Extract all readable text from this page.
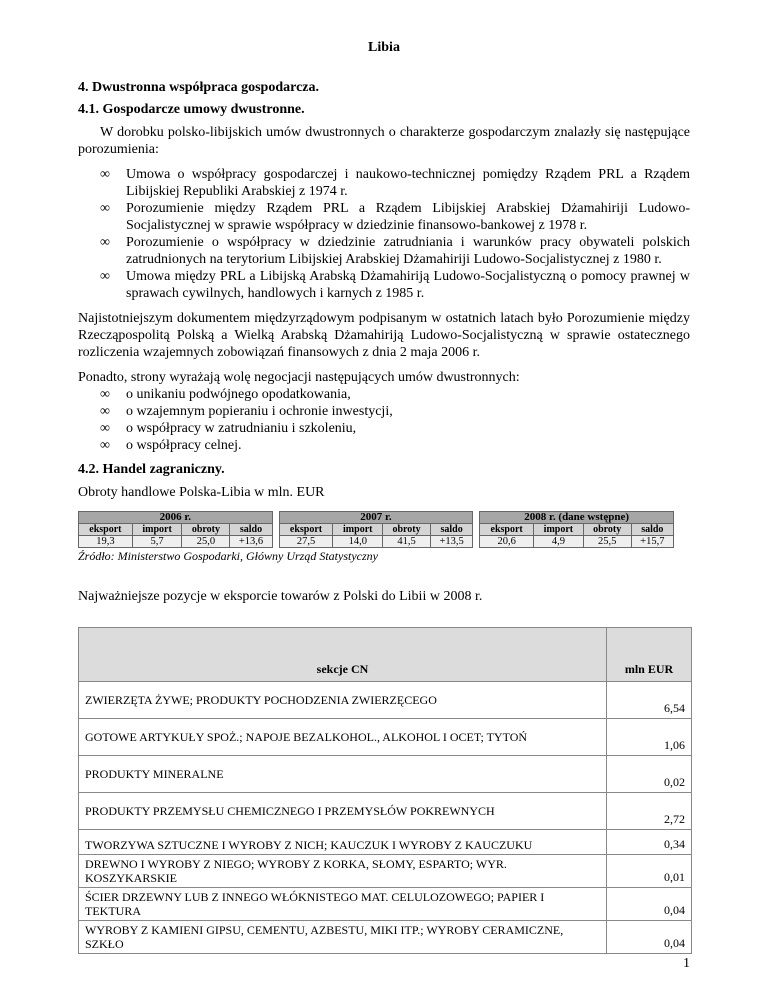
Libia
4. Dwustronna współpraca gospodarcza.
4.1. Gospodarcze umowy dwustronne.

W dorobku polsko-libijskich umów dwustronnych o charakterze gospodarczym znalazły się następujące porozumienia:

∞ Umowa o współpracy gospodarczej i naukowo-technicznej pomiędzy Rządem PRL a Rządem Libijskiej Republiki Arabskiej z 1974 r.
∞ Porozumienie między Rządem PRL a Rządem Libijskiej Arabskiej Dżamahiriji Ludowo-Socjalistycznej w sprawie współpracy w dziedzinie finansowo-bankowej z 1978 r.
∞ Porozumienie o współpracy w dziedzinie zatrudniania i warunków pracy obywateli polskich zatrudnionych na terytorium Libijskiej Arabskiej Dżamahiriji Ludowo-Socjalistycznej z 1980 r.
∞ Umowa między PRL a Libijską Arabską Dżamahiriją Ludowo-Socjalistyczną o pomocy prawnej w sprawach cywilnych, handlowych i karnych z 1985 r.

Najistotniejszym dokumentem międzyrządowym podpisanym w ostatnich latach było Porozumienie między Rzecząpospolitą Polską a Wielką Arabską Dżamahiriją Ludowo-Socjalistyczną w sprawie ostatecznego rozliczenia wzajemnych zobowiązań finansowych z dnia 2 maja 2006 r.

Ponadto, strony wyrażają wolę negocjacji następujących umów dwustronnych:

∞ o unikaniu podwójnego opodatkowania,
∞ o wzajemnym popieraniu i ochronie inwestycji,
∞ o współpracy w zatrudnianiu i szkoleniu,
∞ o współpracy celnej.
4.2. Handel zagraniczny.

Obroty handlowe Polska-Libia w mln. EUR

2006 r.					2007 r.					2008 r. (dane wstępne)			
eksport	import	obroty	saldo		eksport	import	obroty	saldo		eksport	import	obroty	saldo
19,3	5,7	25,0	+13,6		27,5	14,0	41,5	+13,5		20,6	4,9	25,5	+15,7
Źródło: Ministerstwo Gospodarki, Główny Urząd Statystyczny

Najważniejsze pozycje w eksporcie towarów z Polski do Libii w 2008 r.

sekcje CN	mln EUR
ZWIERZĘTA ŻYWE; PRODUKTY POCHODZENIA ZWIERZĘCEGO	6,54
GOTOWE ARTYKUŁY SPOŻ.; NAPOJE BEZALKOHOL., ALKOHOL I OCET; TYTOŃ	1,06
PRODUKTY MINERALNE	0,02
PRODUKTY PRZEMYSŁU CHEMICZNEGO I PRZEMYSŁÓW POKREWNYCH	2,72
TWORZYWA SZTUCZNE I WYROBY Z NICH; KAUCZUK I WYROBY Z KAUCZUKU	0,34
DREWNO I WYROBY Z NIEGO; WYROBY Z KORKA, SŁOMY, ESPARTO; WYR. KOSZYKARSKIE	0,01
ŚCIER DRZEWNY LUB Z INNEGO WŁÓKNISTEGO MAT. CELULOZOWEGO; PAPIER I TEKTURA	0,04
WYROBY Z KAMIENI GIPSU, CEMENTU, AZBESTU, MIKI ITP.; WYROBY CERAMICZNE, SZKŁO	0,04
1
